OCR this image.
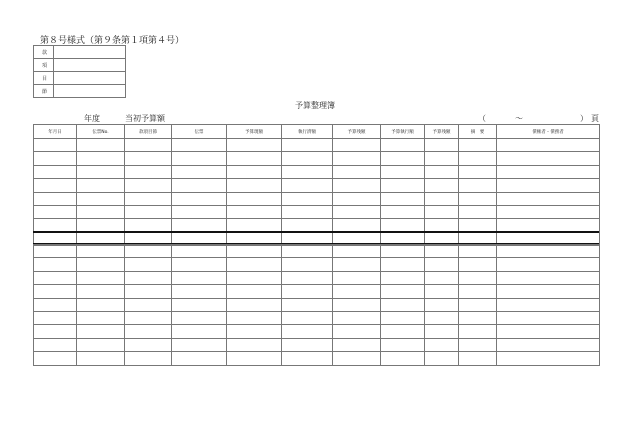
第８号様式（第９条第１項第４号）
款	
項	
目	
節	
予算整理簿
年度	当初予算額	（	～	） 頁
年月日	伝票No.	款項目節	伝票	予算現額	執行済額	予算残額	予算執行額	予算残額	摘　要	債権者・債務者
